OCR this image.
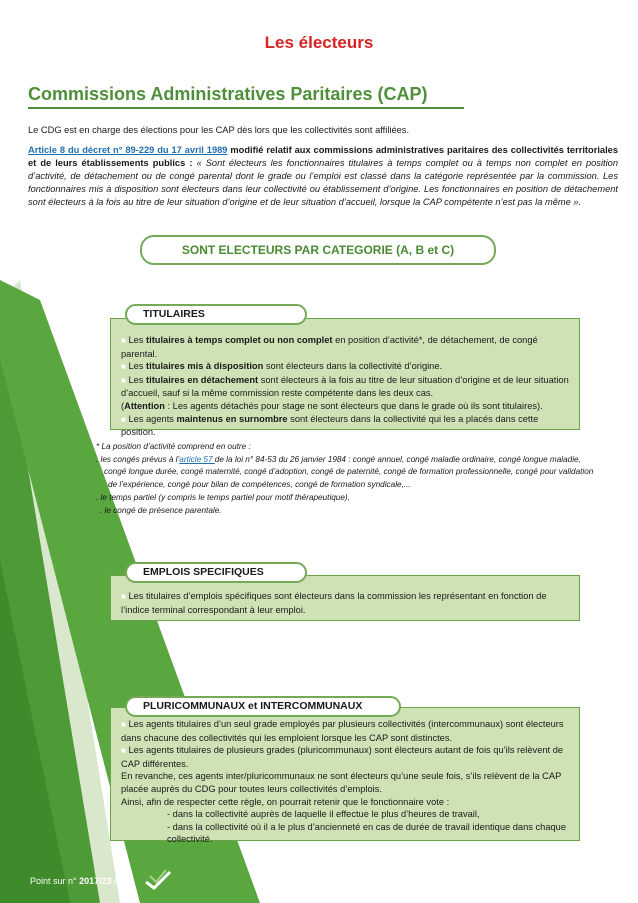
Les électeurs
Commissions Administratives Paritaires (CAP)
Le CDG est en charge des élections pour les CAP dès lors que les collectivités sont affiliées.
Article 8 du décret n° 89-229 du 17 avril 1989 modifié relatif aux commissions administratives paritaires des collectivités territoriales et de leurs établissements publics : « Sont électeurs les fonctionnaires titulaires à temps complet ou à temps non complet en position d’activité, de détachement ou de congé parental dont le grade ou l’emploi est classé dans la catégorie représentée par la commission. Les fonctionnaires mis à disposition sont électeurs dans leur collectivité ou établissement d’origine. Les fonctionnaires en position de détachement sont électeurs à la fois au titre de leur situation d’origine et de leur situation d’accueil, lorsque la CAP compétente n’est pas la même ».
SONT ELECTEURS PAR CATEGORIE (A, B et C)

■ Les titulaires à temps complet ou non complet en position d’activité*, de détachement, de congé parental.

■ Les titulaires mis à disposition sont électeurs dans la collectivité d’origine.

■ Les titulaires en détachement sont électeurs à la fois au titre de leur situation d’origine et de leur situation d’accueil, sauf si la même commission reste compétente dans les deux cas.

(Attention : Les agents détachés pour stage ne sont électeurs que dans le grade où ils sont titulaires).

■ Les agents maintenus en surnombre sont électeurs dans la collectivité qui les a placés dans cette position.

TITULAIRES
* La position d’activité comprend en outre :
. les congés prévus à l’article 57 de la loi n° 84-53 du 26 janvier 1984 : congé annuel, congé maladie ordinaire, congé longue maladie,
congé longue durée, congé maternité, congé d’adoption, congé de paternité, congé de formation professionnelle, congé pour validation
de l’expérience, congé pour bilan de compétences, congé de formation syndicale,...
. le temps partiel (y compris le temps partiel pour motif thérapeutique),
. le congé de présence parentale.

■ Les titulaires d’emplois spécifiques sont électeurs dans la commission les représentant en fonction de l’indice terminal correspondant à leur emploi.

EMPLOIS SPECIFIQUES

■ Les agents titulaires d’un seul grade employés par plusieurs collectivités (intercommunaux) sont électeurs dans chacune des collectivités qui les emploient lorsque les CAP sont distinctes.

■ Les agents titulaires de plusieurs grades (pluricommunaux) sont électeurs autant de fois qu’ils relèvent de CAP différentes.

En revanche, ces agents inter/pluricommunaux ne sont électeurs qu’une seule fois, s’ils relèvent de la CAP placée auprès du CDG pour toutes leurs collectivités d’emplois.

Ainsi, afin de respecter cette règle, on pourrait retenir que le fonctionnaire vote :

- dans la collectivité auprès de laquelle il effectue le plus d’heures de travail,

- dans la collectivité où il a le plus d’ancienneté en cas de durée de travail identique dans chaque collectivité.

PLURICOMMUNAUX et INTERCOMMUNAUX
Point sur n° 2017/23 / p. 2
